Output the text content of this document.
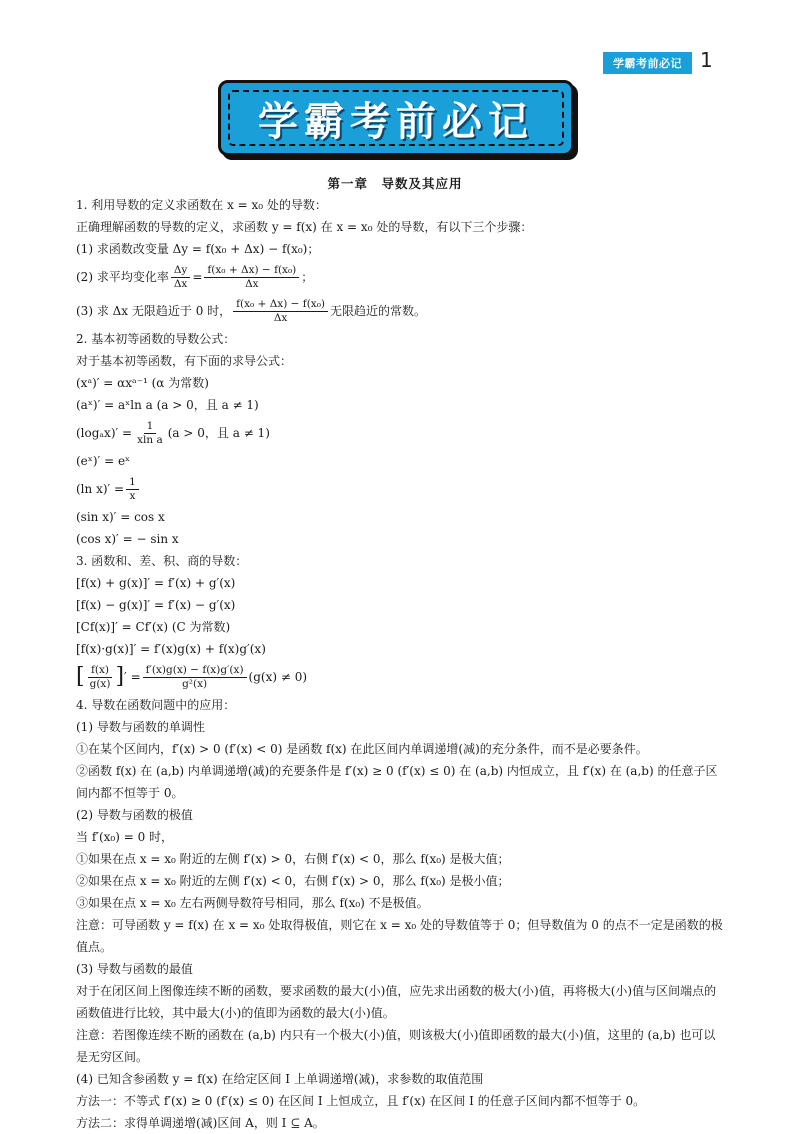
学霸考前必记 1
学霸考前必记
第一章　导数及其应用
1. 利用导数的定义求函数在 x = x₀ 处的导数：
正确理解函数的导数的定义，求函数 y = f(x) 在 x = x₀ 处的导数，有以下三个步骤：
(1) 求函数改变量 Δy = f(x₀ + Δx) − f(x₀)；
(2) 求平均变化率 $\frac{\Delta y}{\Delta x} = \frac{\text{f(x₀ + Δx) − f(x₀)}}{\Delta x}$ ；
(3) 求 Δx 无限趋近于 0 时， $\frac{\text{f(x₀ + Δx) − f(x₀)}}{\Delta x}$ 无限趋近的常数。
2. 基本初等函数的导数公式：
对于基本初等函数，有下面的求导公式：
(xᵃ)′ = αxᵃ⁻¹ (α 为常数)
(aˣ)′ = aˣln a (a > 0，且 a ≠ 1)
$(\log_ax)' = \frac{1}{\text{xln a}} (a > 0$，且 a ≠ 1)
(eˣ)′ = eˣ
(ln $x)' = \frac{1}{x}$
(sin x)′ = cos x
(cos x)′ = − sin x
3. 函数和、差、积、商的导数：
[f(x) + g(x)]′ = f′(x) + g′(x)
[f(x) − g(x)]′ = f′(x) − g′(x)
[Cf(x)]′ = Cf′(x) (C 为常数)
[f(x)·g(x)]′ = f′(x)g(x) + f(x)g′(x)
[ $\frac{f(x)}{g(x)}$ ] ′ = $\frac{f'(x)g(x) - f(x)g'(x)}{\text{g²(x)}} (g(x) \ne 0)$
4. 导数在函数问题中的应用：
(1) 导数与函数的单调性
①在某个区间内，f′(x) > 0 (f′(x) < 0) 是函数 f(x) 在此区间内单调递增(减)的充分条件，而不是必要条件。
②函数 f(x) 在 (a,b) 内单调递增(减)的充要条件是 f′(x) ≥ 0 (f′(x) ≤ 0) 在 (a,b) 内恒成立，且 f′(x) 在 (a,b) 的任意子区间内都不恒等于 0。
(2) 导数与函数的极值
当 f′(x₀) = 0 时，
①如果在点 x = x₀ 附近的左侧 f′(x) > 0，右侧 f′(x) < 0，那么 f(x₀) 是极大值；
②如果在点 x = x₀ 附近的左侧 f′(x) < 0，右侧 f′(x) > 0，那么 f(x₀) 是极小值；
③如果在点 x = x₀ 左右两侧导数符号相同，那么 f(x₀) 不是极值。
注意：可导函数 y = f(x) 在 x = x₀ 处取得极值，则它在 x = x₀ 处的导数值等于 0；但导数值为 0 的点不一定是函数的极值点。
(3) 导数与函数的最值
对于在闭区间上图像连续不断的函数，要求函数的最大(小)值，应先求出函数的极大(小)值，再将极大(小)值与区间端点的函数值进行比较，其中最大(小)的值即为函数的最大(小)值。
注意：若图像连续不断的函数在 (a,b) 内只有一个极大(小)值，则该极大(小)值即函数的最大(小)值，这里的 (a,b) 也可以是无穷区间。
(4) 已知含参函数 y = f(x) 在给定区间 I 上单调递增(减)，求参数的取值范围
方法一：不等式 f′(x) ≥ 0 (f′(x) ≤ 0) 在区间 I 上恒成立，且 f′(x) 在区间 I 的任意子区间内都不恒等于 0。
方法二：求得单调递增(减)区间 A，则 I ⊆ A。
